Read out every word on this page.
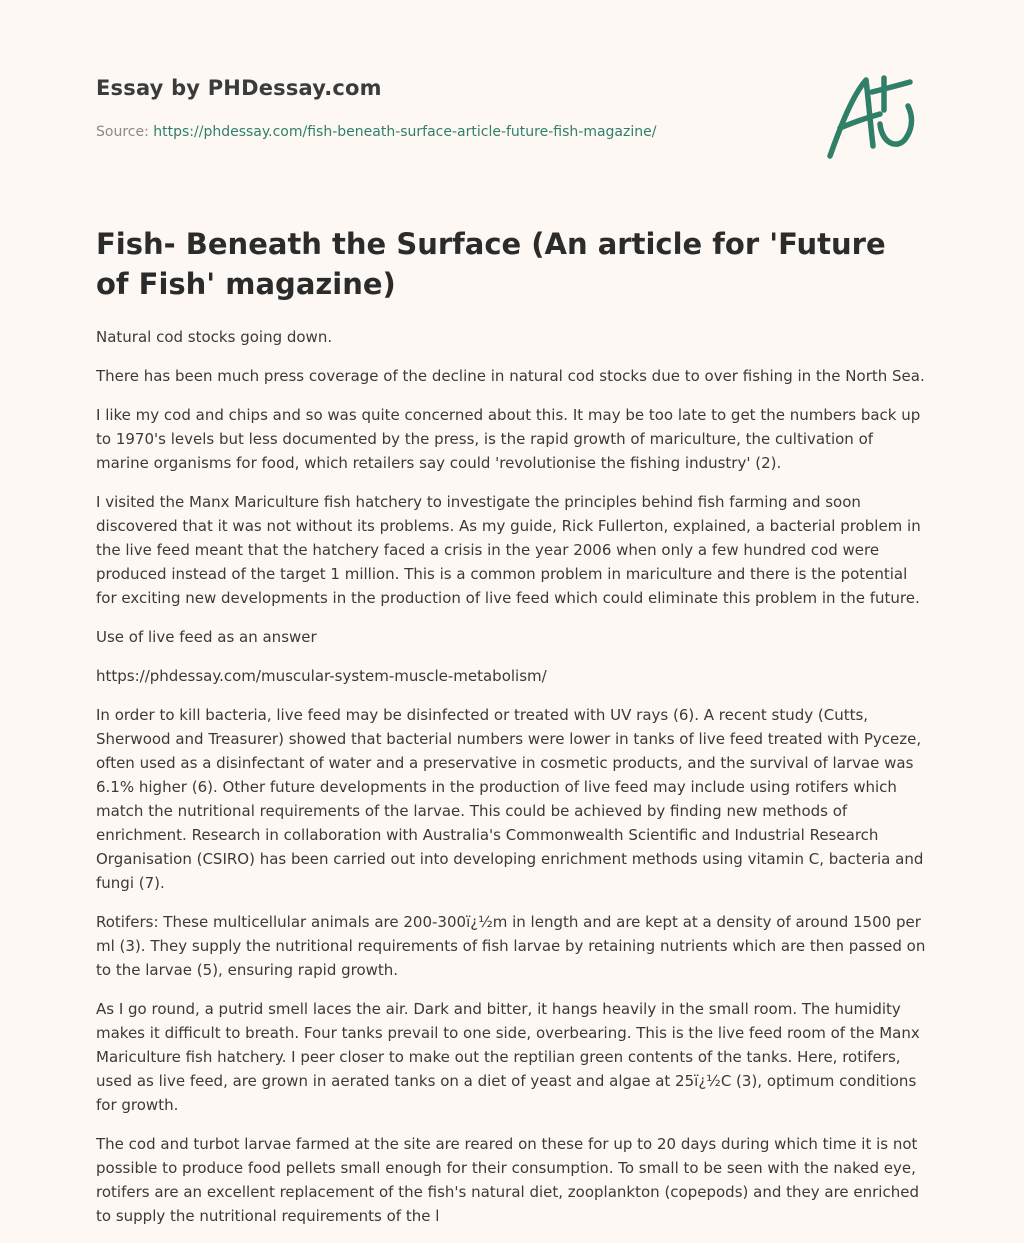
Essay by PHDessay.com
Source: https://phdessay.com/fish-beneath-surface-article-future-fish-magazine/
Fish- Beneath the Surface (An article for 'Future of Fish' magazine)

Natural cod stocks going down.

There has been much press coverage of the decline in natural cod stocks due to over fishing in the North Sea.

I like my cod and chips and so was quite concerned about this. It may be too late to get the numbers back up to 1970's levels but less documented by the press, is the rapid growth of mariculture, the cultivation of marine organisms for food, which retailers say could 'revolutionise the fishing industry' (2).

I visited the Manx Mariculture fish hatchery to investigate the principles behind fish farming and soon discovered that it was not without its problems. As my guide, Rick Fullerton, explained, a bacterial problem in the live feed meant that the hatchery faced a crisis in the year 2006 when only a few hundred cod were produced instead of the target 1 million. This is a common problem in mariculture and there is the potential for exciting new developments in the production of live feed which could eliminate this problem in the future.

Use of live feed as an answer

https://phdessay.com/muscular-system-muscle-metabolism/

In order to kill bacteria, live feed may be disinfected or treated with UV rays (6). A recent study (Cutts, Sherwood and Treasurer) showed that bacterial numbers were lower in tanks of live feed treated with Pyceze, often used as a disinfectant of water and a preservative in cosmetic products, and the survival of larvae was 6.1% higher (6). Other future developments in the production of live feed may include using rotifers which match the nutritional requirements of the larvae. This could be achieved by finding new methods of enrichment. Research in collaboration with Australia's Commonwealth Scientific and Industrial Research Organisation (CSIRO) has been carried out into developing enrichment methods using vitamin C, bacteria and fungi (7).

Rotifers: These multicellular animals are 200-300ï¿½m in length and are kept at a density of around 1500 per ml (3). They supply the nutritional requirements of fish larvae by retaining nutrients which are then passed on to the larvae (5), ensuring rapid growth.

As I go round, a putrid smell laces the air. Dark and bitter, it hangs heavily in the small room. The humidity makes it difficult to breath. Four tanks prevail to one side, overbearing. This is the live feed room of the Manx Mariculture fish hatchery. I peer closer to make out the reptilian green contents of the tanks. Here, rotifers, used as live feed, are grown in aerated tanks on a diet of yeast and algae at 25ï¿½C (3), optimum conditions for growth.

The cod and turbot larvae farmed at the site are reared on these for up to 20 days during which time it is not possible to produce food pellets small enough for their consumption. To small to be seen with the naked eye, rotifers are an excellent replacement of the fish's natural diet, zooplankton (copepods) and they are enriched to supply the nutritional requirements of the l
